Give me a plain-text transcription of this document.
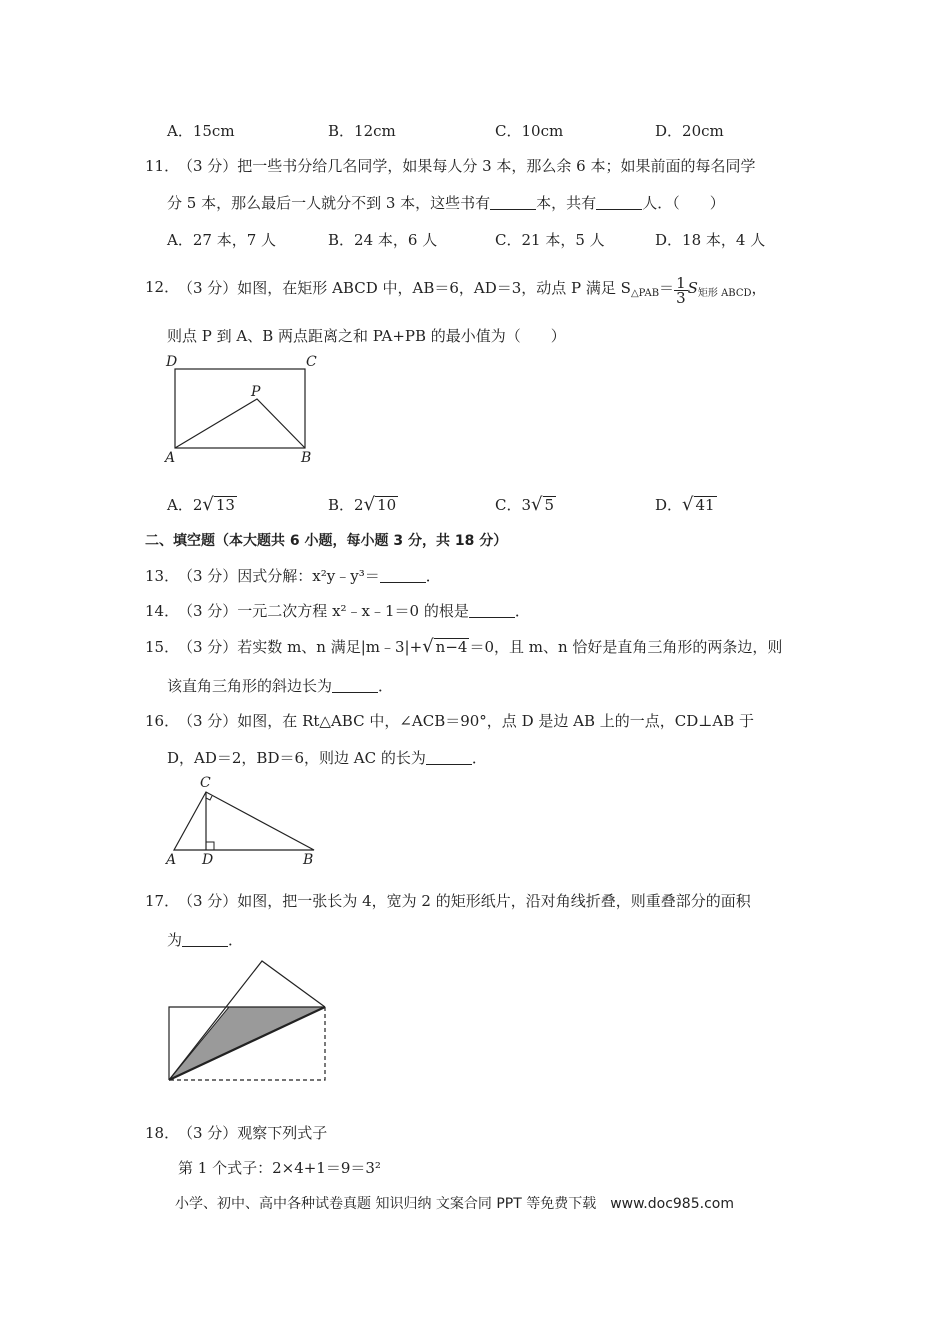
A．15cm	B．12cm	C．10cm	D．20cm
11．
（3 分）把一些书分给几名同学，如果每人分 3 本，那么余 6 本；如果前面的每名同学
分 5 本，那么最后一人就分不到 3 本，这些书有	本，共有	人．（　　）
A．27 本，7 人	B．24 本，6 人	C．21 本，5 人	D．18 本，4 人
12．
（3 分）如图，在矩形 ABCD 中，AB＝6，AD＝3，动点 P 满足 $S_{\triangle PAB}= \frac{1}{3} S_{矩形 ABCD}$，
则点 P 到 A、B 两点距离之和 PA+PB 的最小值为（　　）
D	C
P
A	B
A．2√ 13	B．2√ 10	C．3√ 5	D．√ 41
二、填空题（本大题共 6 小题，每小题 3 分，共 18 分）
13．
（3 分）因式分解：x²y﹣y³＝	．
14．
（3 分）一元二次方程 x²﹣x﹣1＝0 的根是	．
15．
（3 分）若实数 m、n 满足|m﹣3|+√ n−4 ＝0，且 m、n 恰好是直角三角形的两条边，则
该直角三角形的斜边长为	．
16．
（3 分）如图，在 Rt△ABC 中，∠ACB＝90°，点 D 是边 AB 上的一点，CD⊥AB 于
D，AD＝2，BD＝6，则边 AC 的长为	．
C
A D	B
17．
（3 分）如图，把一张长为 4，宽为 2 的矩形纸片，沿对角线折叠，则重叠部分的面积
为	．
18．
（3 分）观察下列式子
第 1 个式子：2×4+1＝9＝3²
小学、初中、高中各种试卷真题 知识归纳 文案合同 PPT 等免费下载　www.doc985.com
